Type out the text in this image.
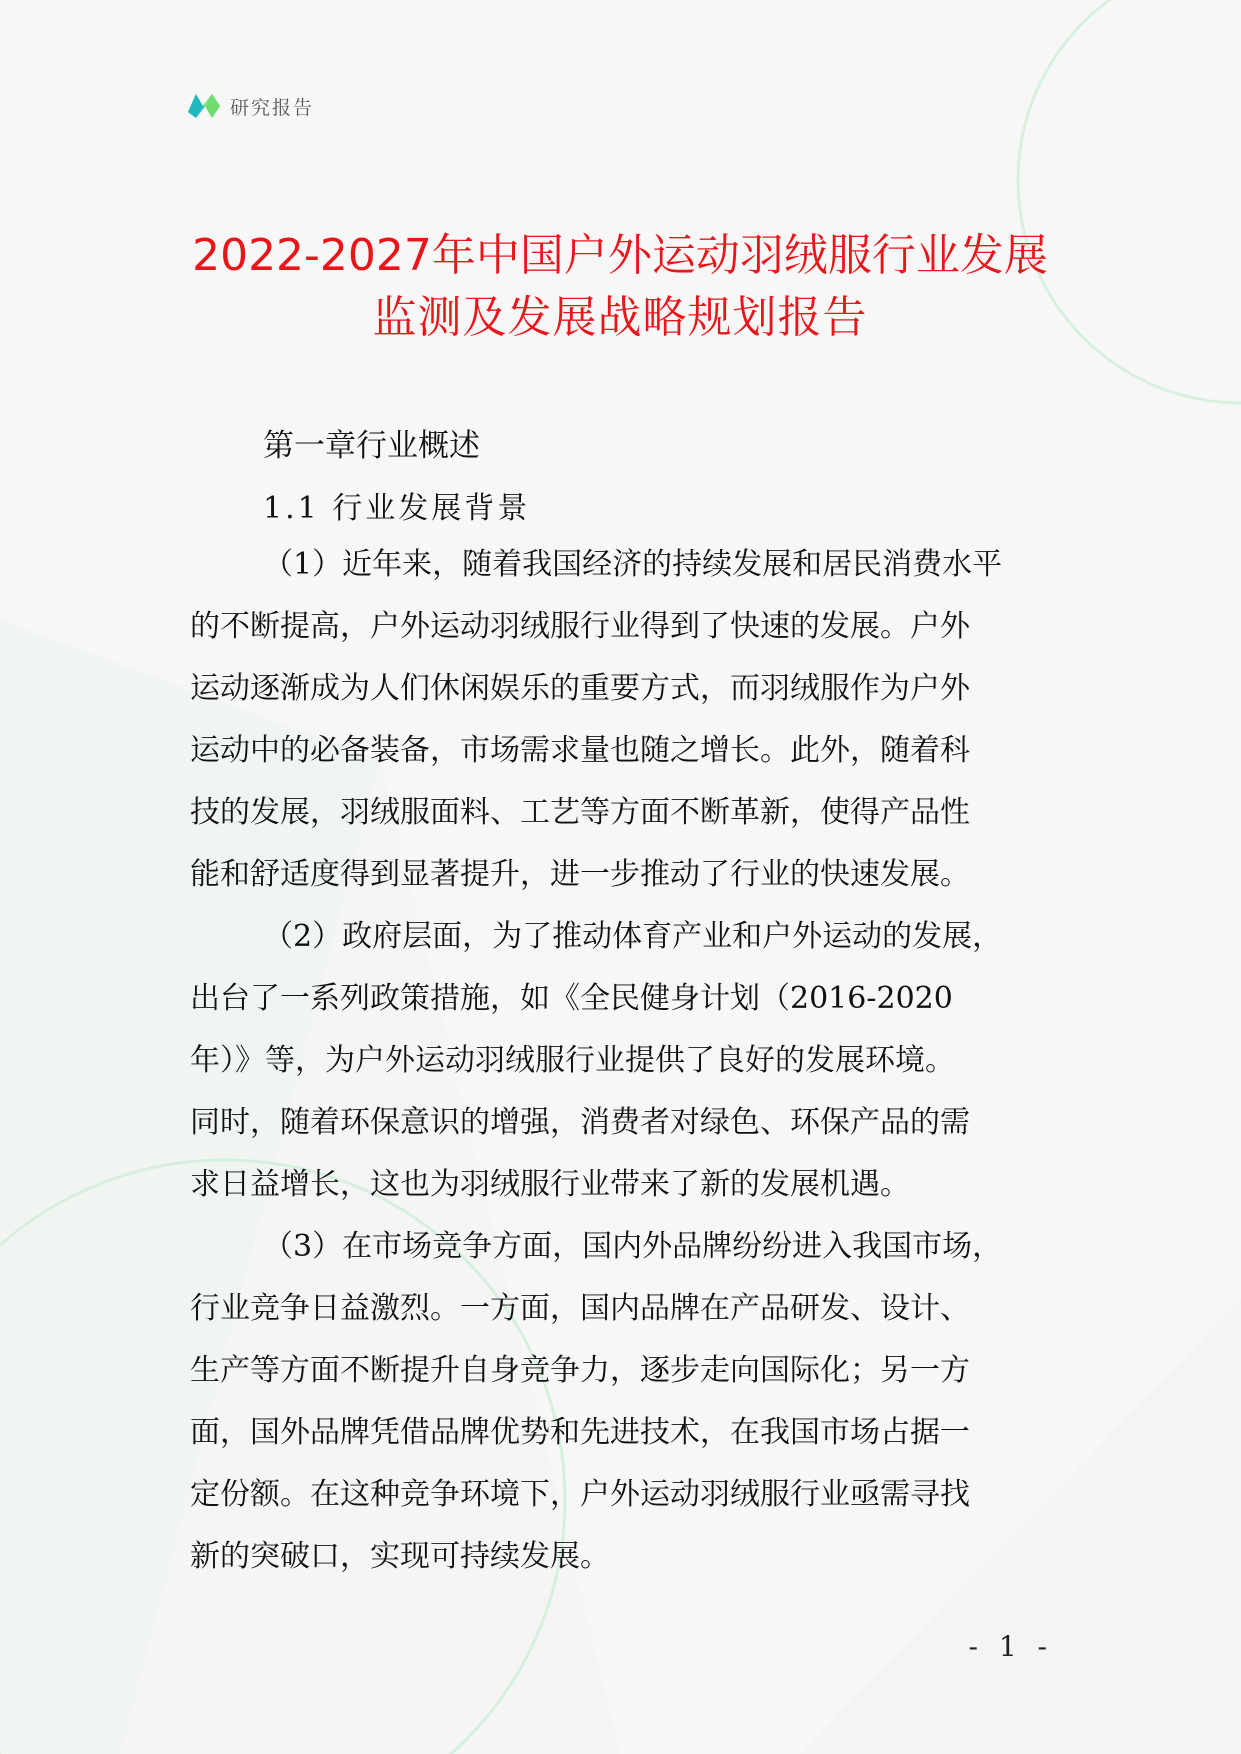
研究报告
2022-2027年中国户外运动羽绒服行业发展
监测及发展战略规划报告
第一章行业概述
1.1 行业发展背景
（1）近年来，随着我国经济的持续发展和居民消费水平
的不断提高，户外运动羽绒服行业得到了快速的发展。户外
运动逐渐成为人们休闲娱乐的重要方式，而羽绒服作为户外
运动中的必备装备，市场需求量也随之增长。此外，随着科
技的发展，羽绒服面料、工艺等方面不断革新，使得产品性
能和舒适度得到显著提升，进一步推动了行业的快速发展。
（2）政府层面，为了推动体育产业和户外运动的发展，
出台了一系列政策措施，如《全民健身计划（2016-2020
年）》等，为户外运动羽绒服行业提供了良好的发展环境。
同时，随着环保意识的增强，消费者对绿色、环保产品的需
求日益增长，这也为羽绒服行业带来了新的发展机遇。
（3）在市场竞争方面，国内外品牌纷纷进入我国市场，
行业竞争日益激烈。一方面，国内品牌在产品研发、设计、
生产等方面不断提升自身竞争力，逐步走向国际化；另一方
面，国外品牌凭借品牌优势和先进技术，在我国市场占据一
定份额。在这种竞争环境下，户外运动羽绒服行业亟需寻找
新的突破口，实现可持续发展。
- 1 -
